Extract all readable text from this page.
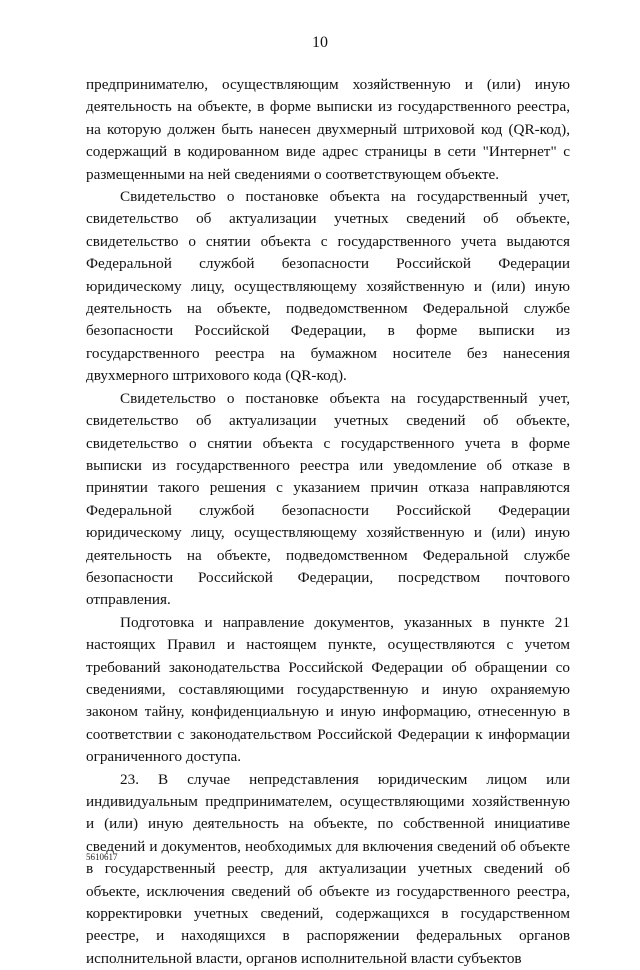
10

предпринимателю, осуществляющим хозяйственную и (или) иную деятельность на объекте, в форме выписки из государственного реестра, на которую должен быть нанесен двухмерный штриховой код (QR-код), содержащий в кодированном виде адрес страницы в сети "Интернет" с размещенными на ней сведениями о соответствующем объекте.

Свидетельство о постановке объекта на государственный учет, свидетельство об актуализации учетных сведений об объекте, свидетельство о снятии объекта с государственного учета выдаются Федеральной службой безопасности Российской Федерации юридическому лицу, осуществляющему хозяйственную и (или) иную деятельность на объекте, подведомственном Федеральной службе безопасности Российской Федерации, в форме выписки из государственного реестра на бумажном носителе без нанесения двухмерного штрихового кода (QR-код).

Свидетельство о постановке объекта на государственный учет, свидетельство об актуализации учетных сведений об объекте, свидетельство о снятии объекта с государственного учета в форме выписки из государственного реестра или уведомление об отказе в принятии такого решения с указанием причин отказа направляются Федеральной службой безопасности Российской Федерации юридическому лицу, осуществляющему хозяйственную и (или) иную деятельность на объекте, подведомственном Федеральной службе безопасности Российской Федерации, посредством почтового отправления.

Подготовка и направление документов, указанных в пункте 21 настоящих Правил и настоящем пункте, осуществляются с учетом требований законодательства Российской Федерации об обращении со сведениями, составляющими государственную и иную охраняемую законом тайну, конфиденциальную и иную информацию, отнесенную в соответствии с законодательством Российской Федерации к информации ограниченного доступа.

23. В случае непредставления юридическим лицом или индивидуальным предпринимателем, осуществляющими хозяйственную и (или) иную деятельность на объекте, по собственной инициативе сведений и документов, необходимых для включения сведений об объекте в государственный реестр, для актуализации учетных сведений об объекте, исключения сведений об объекте из государственного реестра, корректировки учетных сведений, содержащихся в государственном реестре, и находящихся в распоряжении федеральных органов исполнительной власти, органов исполнительной власти субъектов

5610617
